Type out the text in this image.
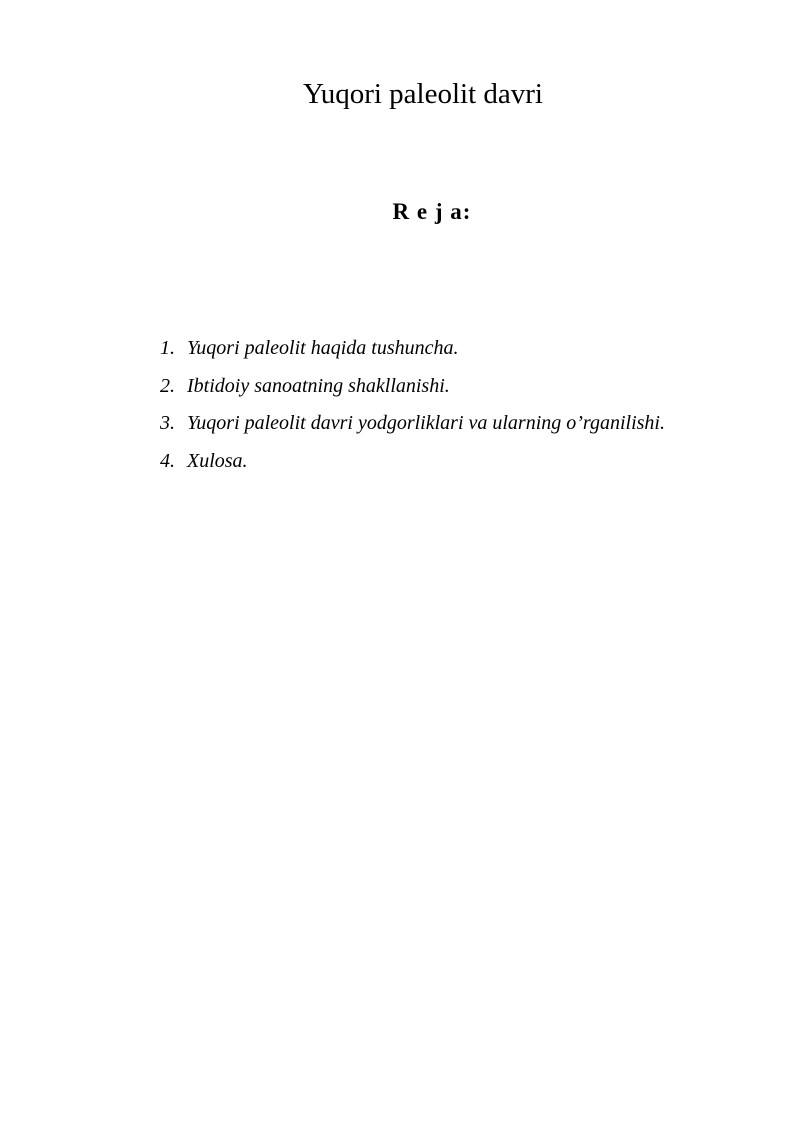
Yuqori paleolit davri
R e j a:
1. Yuqori paleolit haqida tushuncha.
2. Ibtidoiy sanoatning shakllanishi.
3. Yuqori paleolit davri yodgorliklari va ularning o’rganilishi.
4. Xulosa.
